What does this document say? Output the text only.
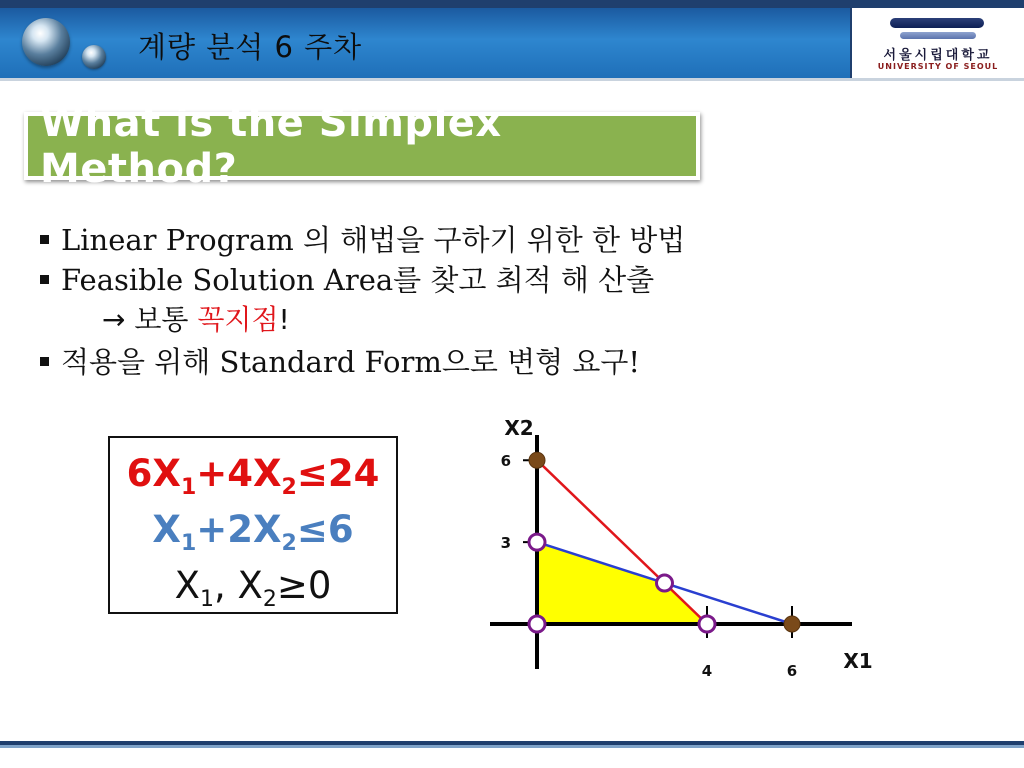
계량 분석 6 주차	서울시립대학교
UNIVERSITY OF SEOUL
What is the Simplex Method?
Linear Program 의 해법을 구하기 위한 한 방법
Feasible Solution Area를 찾고 최적 해 산출
→ 보통 꼭지점!
적용을 위해 Standard Form으로 변형 요구!
$6X_1+4X_2\le 24$
$X_1+2X_2\le 6$
$X_1$, $X_2\ge 0$
4	6
6
3
X1
X2
